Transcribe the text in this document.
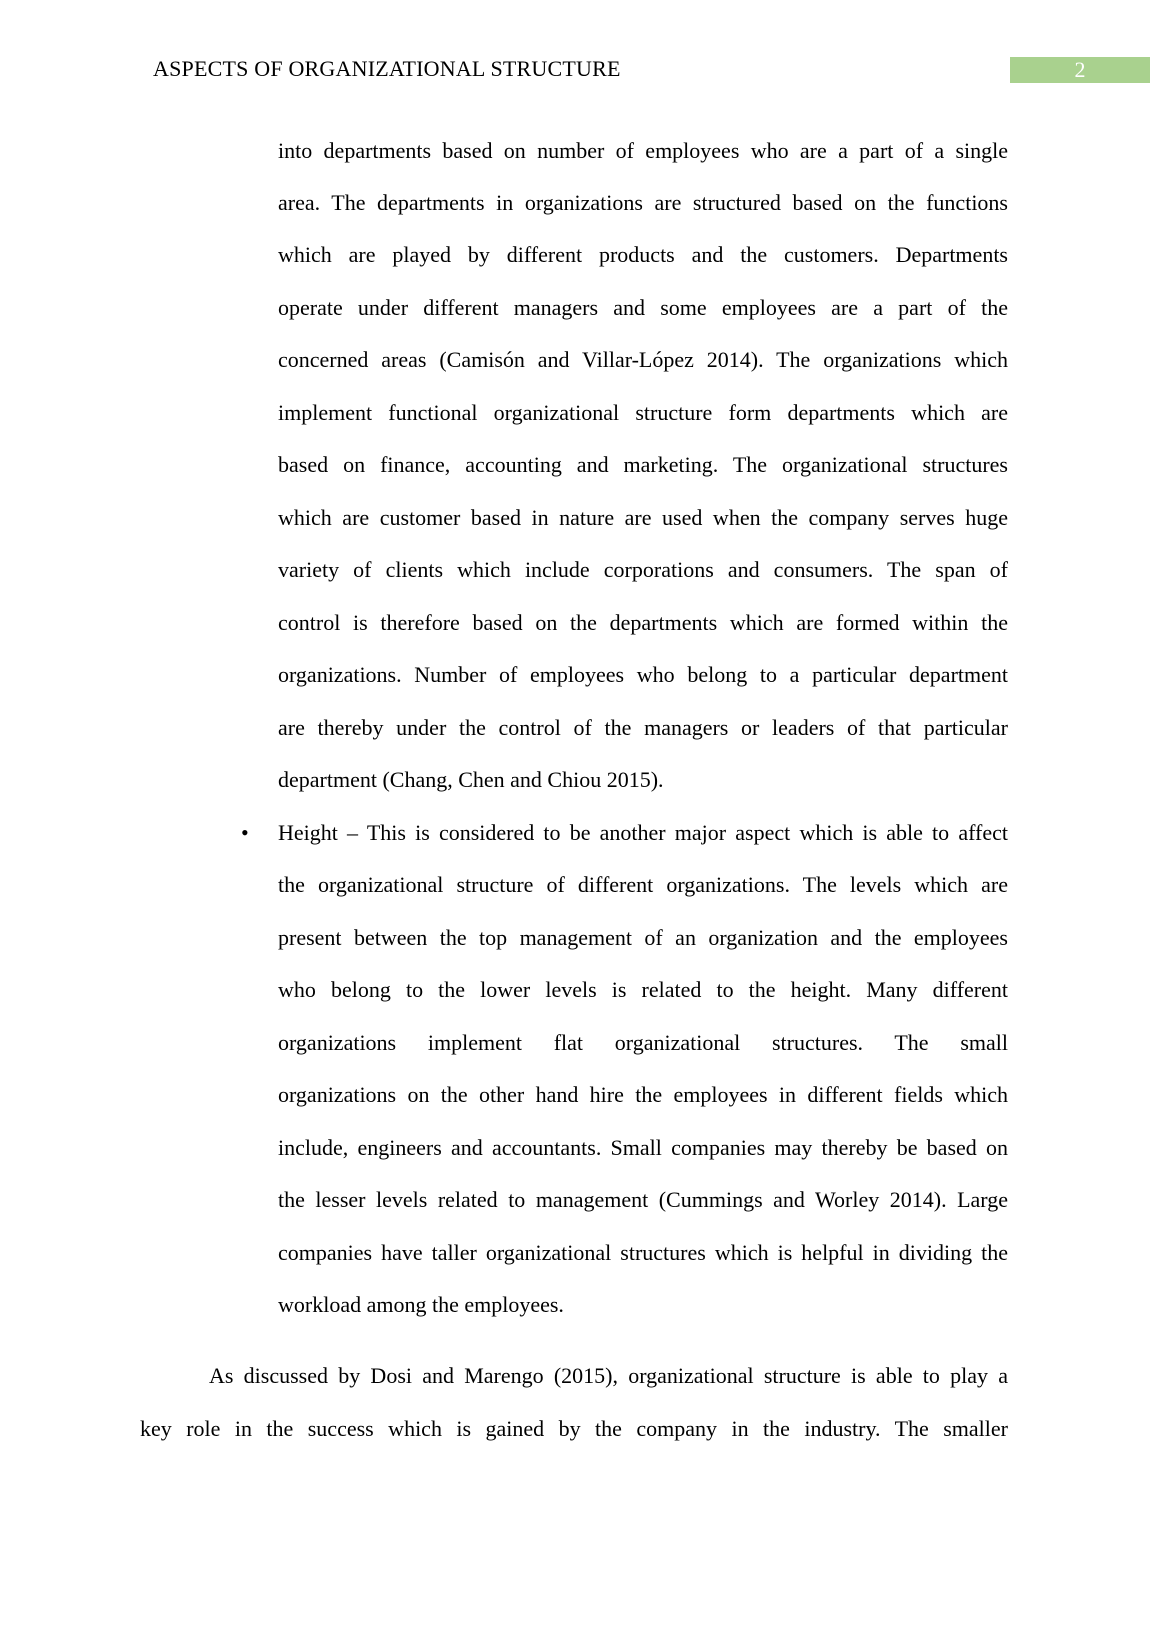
ASPECTS OF ORGANIZATIONAL STRUCTURE	2
into departments based on number of employees who are a part of a single
area. The departments in organizations are structured based on the functions
which are played by different products and the customers. Departments
operate under different managers and some employees are a part of the
concerned areas (Camisón and Villar-López 2014). The organizations which
implement functional organizational structure form departments which are
based on finance, accounting and marketing. The organizational structures
which are customer based in nature are used when the company serves huge
variety of clients which include corporations and consumers. The span of
control is therefore based on the departments which are formed within the
organizations. Number of employees who belong to a particular department
are thereby under the control of the managers or leaders of that particular
department (Chang, Chen and Chiou 2015).
• Height – This is considered to be another major aspect which is able to affect
the organizational structure of different organizations. The levels which are
present between the top management of an organization and the employees
who belong to the lower levels is related to the height. Many different
organizations implement flat organizational structures. The small
organizations on the other hand hire the employees in different fields which
include, engineers and accountants. Small companies may thereby be based on
the lesser levels related to management (Cummings and Worley 2014). Large
companies have taller organizational structures which is helpful in dividing the
workload among the employees.
As discussed by Dosi and Marengo (2015), organizational structure is able to play a
key role in the success which is gained by the company in the industry. The smaller
